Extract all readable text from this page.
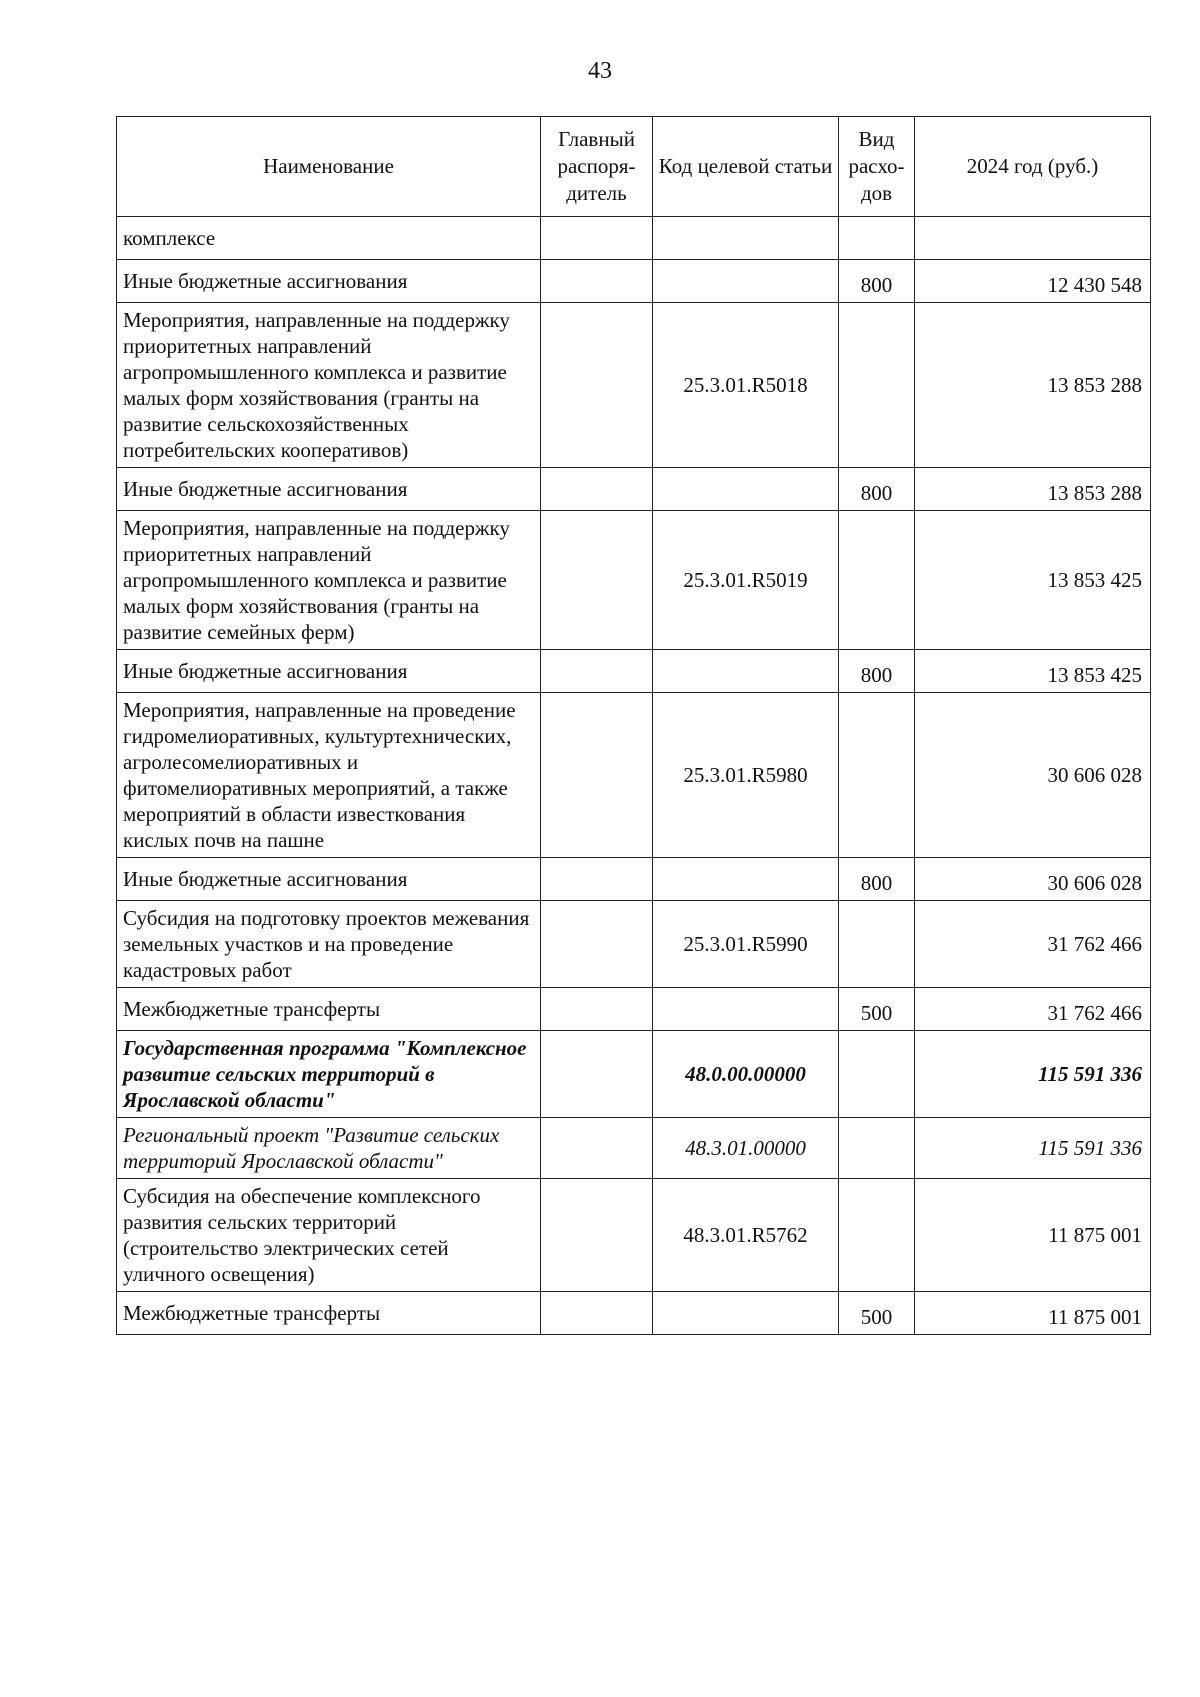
43
Наименование	Главный распоря-дитель	Код целевой статьи	Вид расхо-дов	2024 год (руб.)
комплексе				
Иные бюджетные ассигнования			800	12 430 548
Мероприятия, направленные на поддержку приоритетных направлений агропромышленного комплекса и развитие малых форм хозяйствования (гранты на развитие сельскохозяйственных потребительских кооперативов)		25.3.01.R5018		13 853 288
Иные бюджетные ассигнования			800	13 853 288
Мероприятия, направленные на поддержку приоритетных направлений агропромышленного комплекса и развитие малых форм хозяйствования (гранты на развитие семейных ферм)		25.3.01.R5019		13 853 425
Иные бюджетные ассигнования			800	13 853 425
Мероприятия, направленные на проведение гидромелиоративных, культуртехнических, агролесомелиоративных и фитомелиоративных мероприятий, а также мероприятий в области известкования кислых почв на пашне		25.3.01.R5980		30 606 028
Иные бюджетные ассигнования			800	30 606 028
Субсидия на подготовку проектов межевания земельных участков и на проведение кадастровых работ		25.3.01.R5990		31 762 466
Межбюджетные трансферты			500	31 762 466
Государственная программа "Комплексное развитие сельских территорий в Ярославской области"		48.0.00.00000		115 591 336
Региональный проект "Развитие сельских территорий Ярославской области"		48.3.01.00000		115 591 336
Субсидия на обеспечение комплексного развития сельских территорий (строительство электрических сетей уличного освещения)		48.3.01.R5762		11 875 001
Межбюджетные трансферты			500	11 875 001
